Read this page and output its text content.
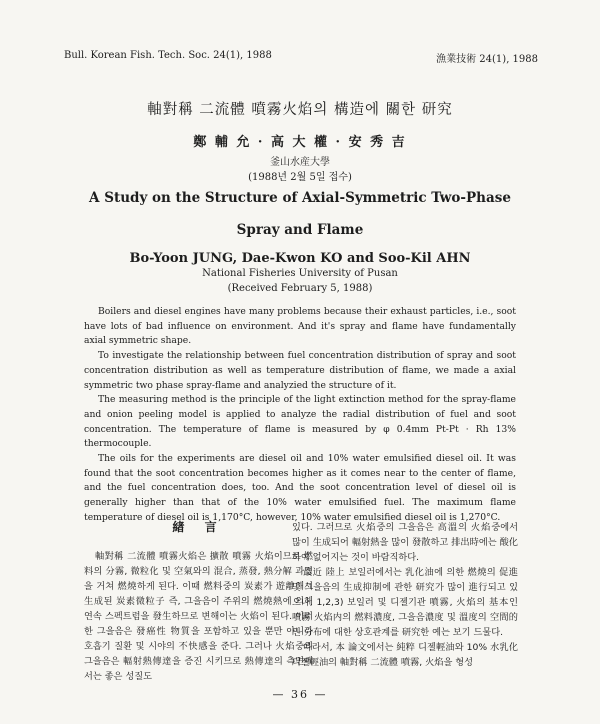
Bull. Korean Fish. Tech. Soc. 24(1), 1988	漁業技術 24(1), 1988
軸對稱 二流體 噴霧火焰의 構造에 關한 研究
鄭 輔 允 · 高 大 權 · 安 秀 吉
釜山水産大學
(1988년 2월 5일 접수)
A Study on the Structure of Axial-Symmetric Two-Phase
Spray and Flame
Bo-Yoon JUNG, Dae-Kwon KO and Soo-Kil AHN
National Fisheries University of Pusan
(Received February 5, 1988)

Boilers and diesel engines have many problems because their exhaust particles, i.e., soot have lots of bad influence on environment. And it's spray and flame have fundamentally axial symmetric shape.

To investigate the relationship between fuel concentration distribution of spray and soot concentration distribution as well as temperature distribution of flame, we made a axial symmetric two phase spray-flame and analyzied the structure of it.

The measuring method is the principle of the light extinction method for the spray-flame and onion peeling model is applied to analyze the radial distribution of fuel and soot concentration. The temperature of flame is measured by φ 0.4mm Pt-Pt · Rh 13% thermocouple.

The oils for the experiments are diesel oil and 10% water emulsified diesel oil. It was found that the soot concentration becomes higher as it comes near to the center of flame, and the fuel concentration does, too. And the soot concentration level of diesel oil is generally higher than that of the 10% water emulsified fuel. The maximum flame temperature of diesel oil is 1,170°C, however, 10% water emulsified diesel oil is 1,270°C.

緖 言

軸對稱 二流體 噴霧火焰은 擴散 噴霧 火焰이므로 燃料의 分霧, 微粒化 및 空氣와의 混合, 蒸發, 熱分解 과정을 거쳐 燃燒하게 된다. 이때 燃料중의 炭素가 遊離해서 生成된 炭素微粒子 즉, 그을음이 주위의 燃燒熱에 의해 연속 스펙트럼을 發生하므로 변해이는 火焰이 된다. 이러한 그을음은 發癌性 物質을 포함하고 있을 뿐만 아니라 호흡기 질환 및 시야의 不快感을 준다. 그러나 火焰중의 그을음은 輻射熱傳達을 증진 시키므로 熱傳達의 측면에서는 좋은 성질도

있다. 그러므로 火焰중의 그을음은 高溫의 火焰중에서 많이 生成되어 輻射熱을 많이 發散하고 排出時에는 酸化하여 없어지는 것이 바람직하다.

最近 陸上 보일러에서는 乳化油에 의한 燃燒의 促進 및 그을음의 生成抑制에 관한 研究가 많이 進行되고 있으나, 1,2,3) 보일러 및 디젤기관 噴霧, 火焰의 基本인 噴霧 火焰内의 燃料濃度, 그을음濃度 및 溫度의 空間的인 分布에 대한 상호관계를 研究한 예는 보기 드물다.

따라서, 本 論文에서는 純粹 디젤輕油와 10% 水乳化 디젤輕油의 軸對稱 二流體 噴霧, 火焰을 형성

— 36 —
